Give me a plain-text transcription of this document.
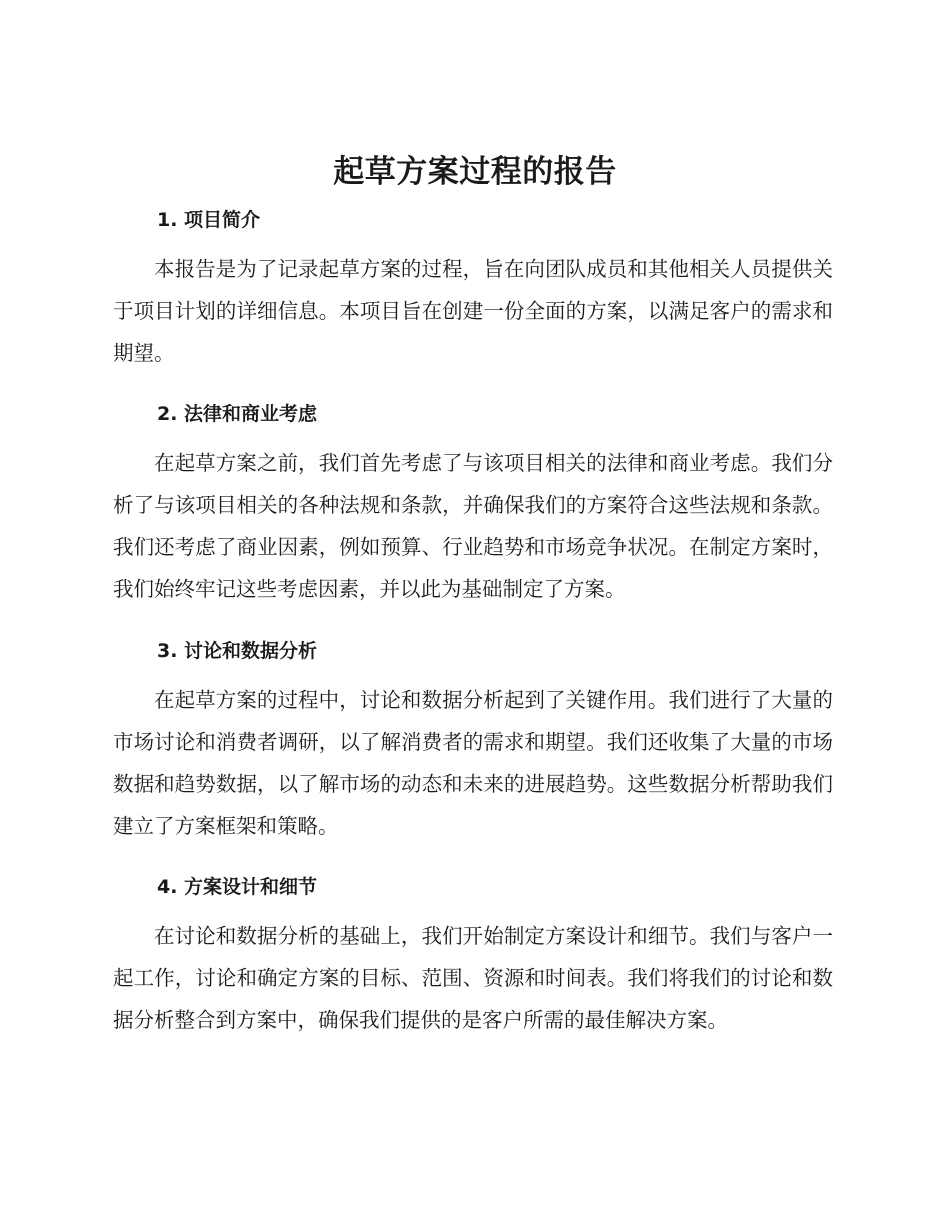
起草方案过程的报告

1. 项目简介

本报告是为了记录起草方案的过程，旨在向团队成员和其他相关人员提供关于项目计划的详细信息。本项目旨在创建一份全面的方案，以满足客户的需求和期望。

2. 法律和商业考虑

在起草方案之前，我们首先考虑了与该项目相关的法律和商业考虑。我们分析了与该项目相关的各种法规和条款，并确保我们的方案符合这些法规和条款。我们还考虑了商业因素，例如预算、行业趋势和市场竞争状况。在制定方案时，我们始终牢记这些考虑因素，并以此为基础制定了方案。

3. 讨论和数据分析

在起草方案的过程中，讨论和数据分析起到了关键作用。我们进行了大量的市场讨论和消费者调研，以了解消费者的需求和期望。我们还收集了大量的市场数据和趋势数据，以了解市场的动态和未来的进展趋势。这些数据分析帮助我们建立了方案框架和策略。

4. 方案设计和细节

在讨论和数据分析的基础上，我们开始制定方案设计和细节。我们与客户一起工作，讨论和确定方案的目标、范围、资源和时间表。我们将我们的讨论和数据分析整合到方案中，确保我们提供的是客户所需的最佳解决方案。
